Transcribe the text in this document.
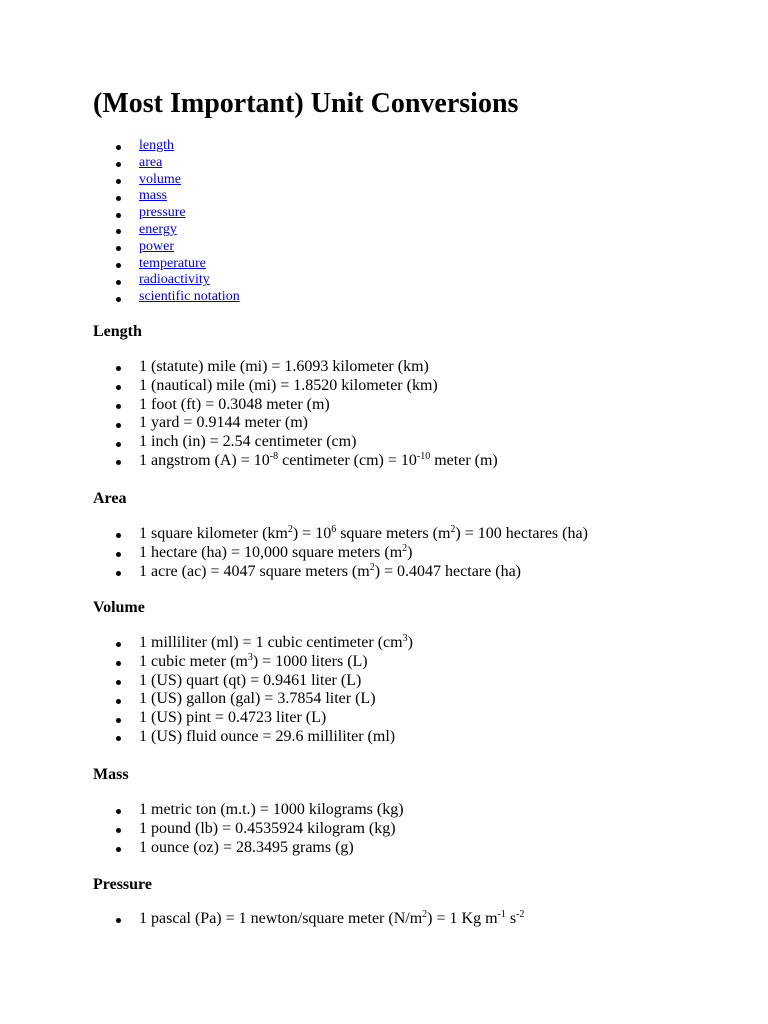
(Most Important) Unit Conversions
length
area
volume
mass
pressure
energy
power
temperature
radioactivity
scientific notation
Length
1 (statute) mile (mi) = 1.6093 kilometer (km)
1 (nautical) mile (mi) = 1.8520 kilometer (km)
1 foot (ft) = 0.3048 meter (m)
1 yard = 0.9144 meter (m)
1 inch (in) = 2.54 centimeter (cm)
1 angstrom $(A) = 10^{-8}$ centimeter $(cm) = 10^{-10}$ meter (m)
Area
1 square kilometer $(km^2) = 10^6$ square meters $(m^2) = 100$ hectares (ha)
1 hectare (ha) = 10,000 square meters $(m^2)$
1 acre (ac) = 4047 square meters $(m^2) = 0.4047$ hectare (ha)
Volume
1 milliliter (ml) = 1 cubic centimeter $(cm^3)$
1 cubic meter $(m^3) = 1000$ liters (L)
1 (US) quart (qt) = 0.9461 liter (L)
1 (US) gallon (gal) = 3.7854 liter (L)
1 (US) pint = 0.4723 liter (L)
1 (US) fluid ounce = 29.6 milliliter (ml)
Mass
1 metric ton (m.t.) = 1000 kilograms (kg)
1 pound (lb) = 0.4535924 kilogram (kg)
1 ounce (oz) = 28.3495 grams (g)
Pressure
1 pascal (Pa) = 1 newton/square meter $(N/m^2) = 1$ Kg $m^{-1}$ $s^{-2}$
